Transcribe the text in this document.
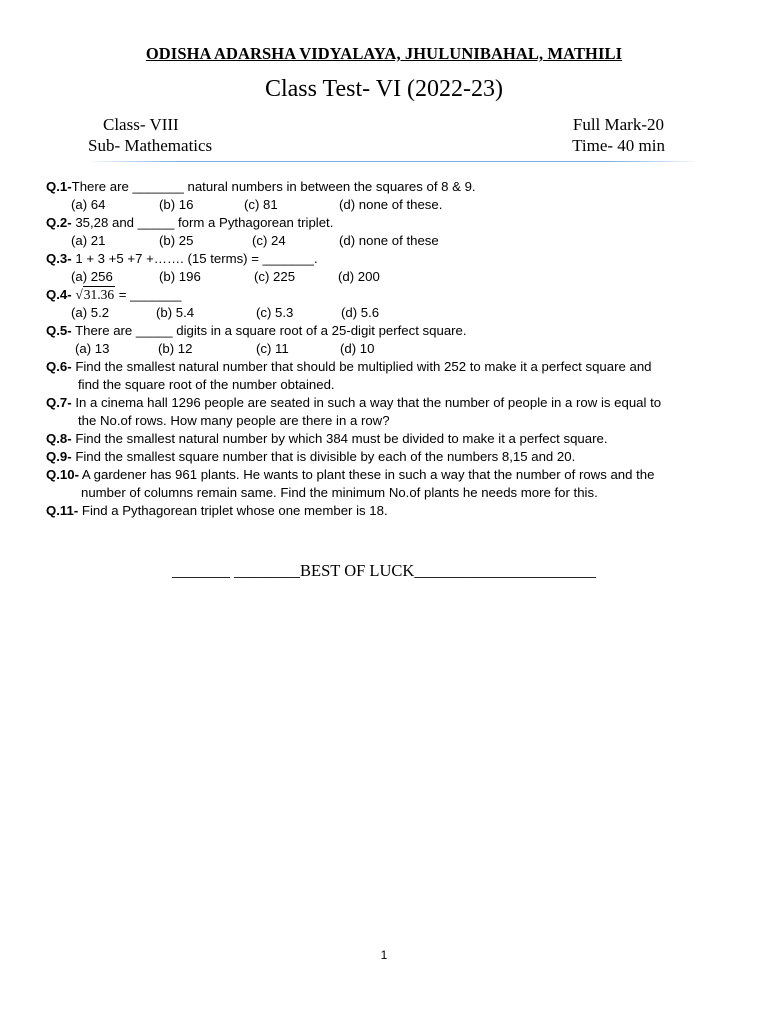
ODISHA ADARSHA VIDYALAYA, JHULUNIBAHAL, MATHILI
Class Test- VI (2022-23)
Class- VIII
Sub- Mathematics
Full Mark-20
Time- 40 min
Q.1-There are _______ natural numbers in between the squares of 8 & 9.
(a) 64	(b) 16	(c) 81	(d) none of these.
Q.2- 35,28 and _____ form a Pythagorean triplet.
(a) 21	(b) 25	(c) 24	(d) none of these
Q.3- 1 + 3 +5 +7 +……. (15 terms) = _______.
(a) 256	(b) 196	(c) 225	(d) 200
Q.4- √31.36 = _______
(a) 5.2	(b) 5.4	(c) 5.3	(d) 5.6
Q.5- There are _____ digits in a square root of a 25-digit perfect square.
(a) 13	(b) 12	(c) 11	(d) 10
Q.6- Find the smallest natural number that should be multiplied with 252 to make it a perfect square and
find the square root of the number obtained.
Q.7- In a cinema hall 1296 people are seated in such a way that the number of people in a row is equal to
the No.of rows. How many people are there in a row?
Q.8- Find the smallest natural number by which 384 must be divided to make it a perfect square.
Q.9- Find the smallest square number that is divisible by each of the numbers 8,15 and 20.
Q.10- A gardener has 961 plants. He wants to plant these in such a way that the number of rows and the
number of columns remain same. Find the minimum No.of plants he needs more for this.
Q.11- Find a Pythagorean triplet whose one member is 18.
_______ ________BEST OF LUCK______________________
1
